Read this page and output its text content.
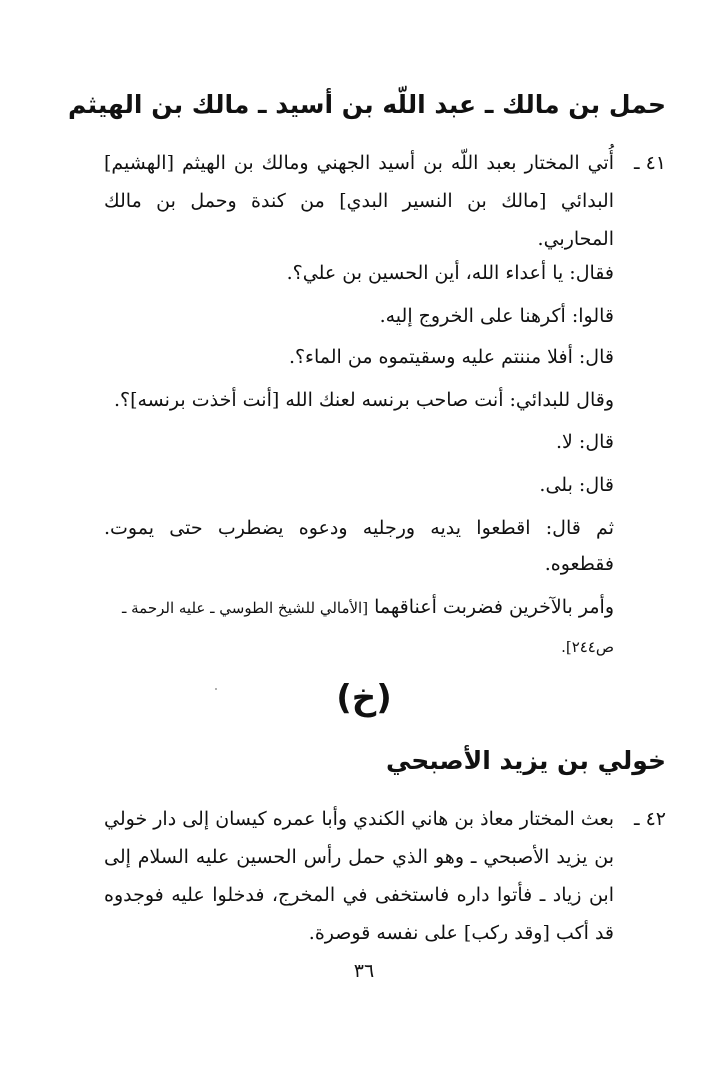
حمل بن مالك ـ عبد اللّه بن أسيد ـ مالك بن الهيثم
٤١ ـ
أُتي المختار بعبد اللّه بن أسيد الجهني ومالك بن الهيثم [الهشيم] البدائي [مالك بن النسير البدي] من كندة وحمل بن مالك المحاربي.
فقال: يا أعداء الله، أين الحسين بن علي؟.
قالوا: أكرهنا على الخروج إليه.
قال: أفلا مننتم عليه وسقيتموه من الماء؟.
وقال للبدائي: أنت صاحب برنسه لعنك الله [أنت أخذت برنسه]؟.
قال: لا.
قال: بلى.
ثم قال: اقطعوا يديه ورجليه ودعوه يضطرب حتى يموت. فقطعوه.
وأمر بالآخرين فضربت أعناقهما [الأمالي للشيخ الطوسي ـ عليه الرحمة ـ
ص٢٤٤].
(خ)
خولي بن يزيد الأصبحي
٤٢ ـ
بعث المختار معاذ بن هاني الكندي وأبا عمره كيسان إلى دار خولي بن يزيد الأصبحي ـ وهو الذي حمل رأس الحسين عليه السلام إلى ابن زياد ـ فأتوا داره فاستخفى في المخرج، فدخلوا عليه فوجدوه قد أكب [وقد ركب] على نفسه قوصرة.
٣٦
